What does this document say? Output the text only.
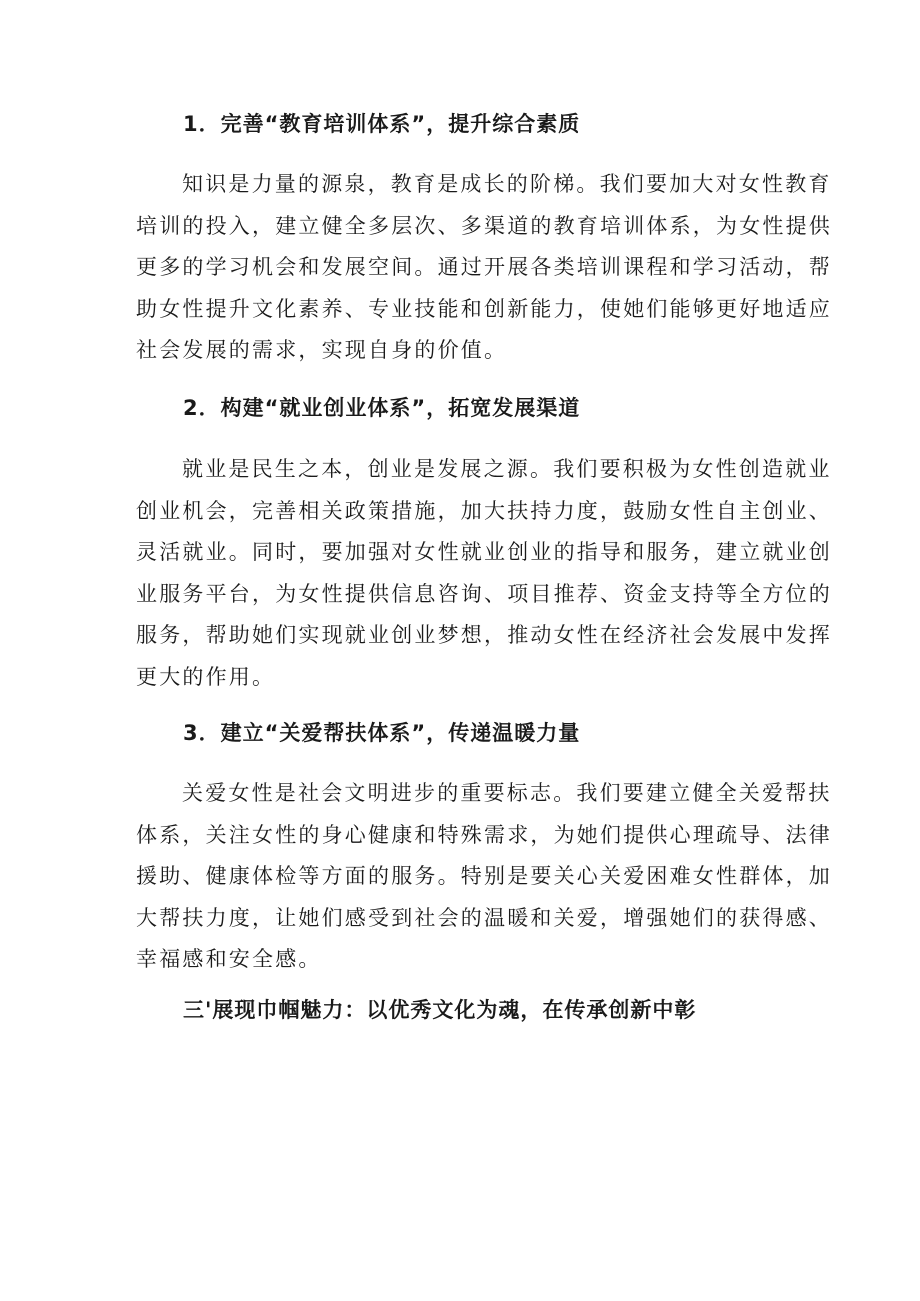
1．完善“教育培训体系”，提升综合素质
知识是力量的源泉，教育是成长的阶梯。我们要加大对女性教育
培训的投入，建立健全多层次、多渠道的教育培训体系，为女性提供
更多的学习机会和发展空间。通过开展各类培训课程和学习活动，帮
助女性提升文化素养、专业技能和创新能力，使她们能够更好地适应
社会发展的需求，实现自身的价值。
2．构建“就业创业体系”，拓宽发展渠道
就业是民生之本，创业是发展之源。我们要积极为女性创造就业
创业机会，完善相关政策措施，加大扶持力度，鼓励女性自主创业、
灵活就业。同时，要加强对女性就业创业的指导和服务，建立就业创
业服务平台，为女性提供信息咨询、项目推荐、资金支持等全方位的
服务，帮助她们实现就业创业梦想，推动女性在经济社会发展中发挥
更大的作用。
3．建立“关爱帮扶体系”，传递温暖力量
关爱女性是社会文明进步的重要标志。我们要建立健全关爱帮扶
体系，关注女性的身心健康和特殊需求，为她们提供心理疏导、法律
援助、健康体检等方面的服务。特别是要关心关爱困难女性群体，加
大帮扶力度，让她们感受到社会的温暖和关爱，增强她们的获得感、
幸福感和安全感。
三'展现巾帼魅力：以优秀文化为魂，在传承创新中彰
